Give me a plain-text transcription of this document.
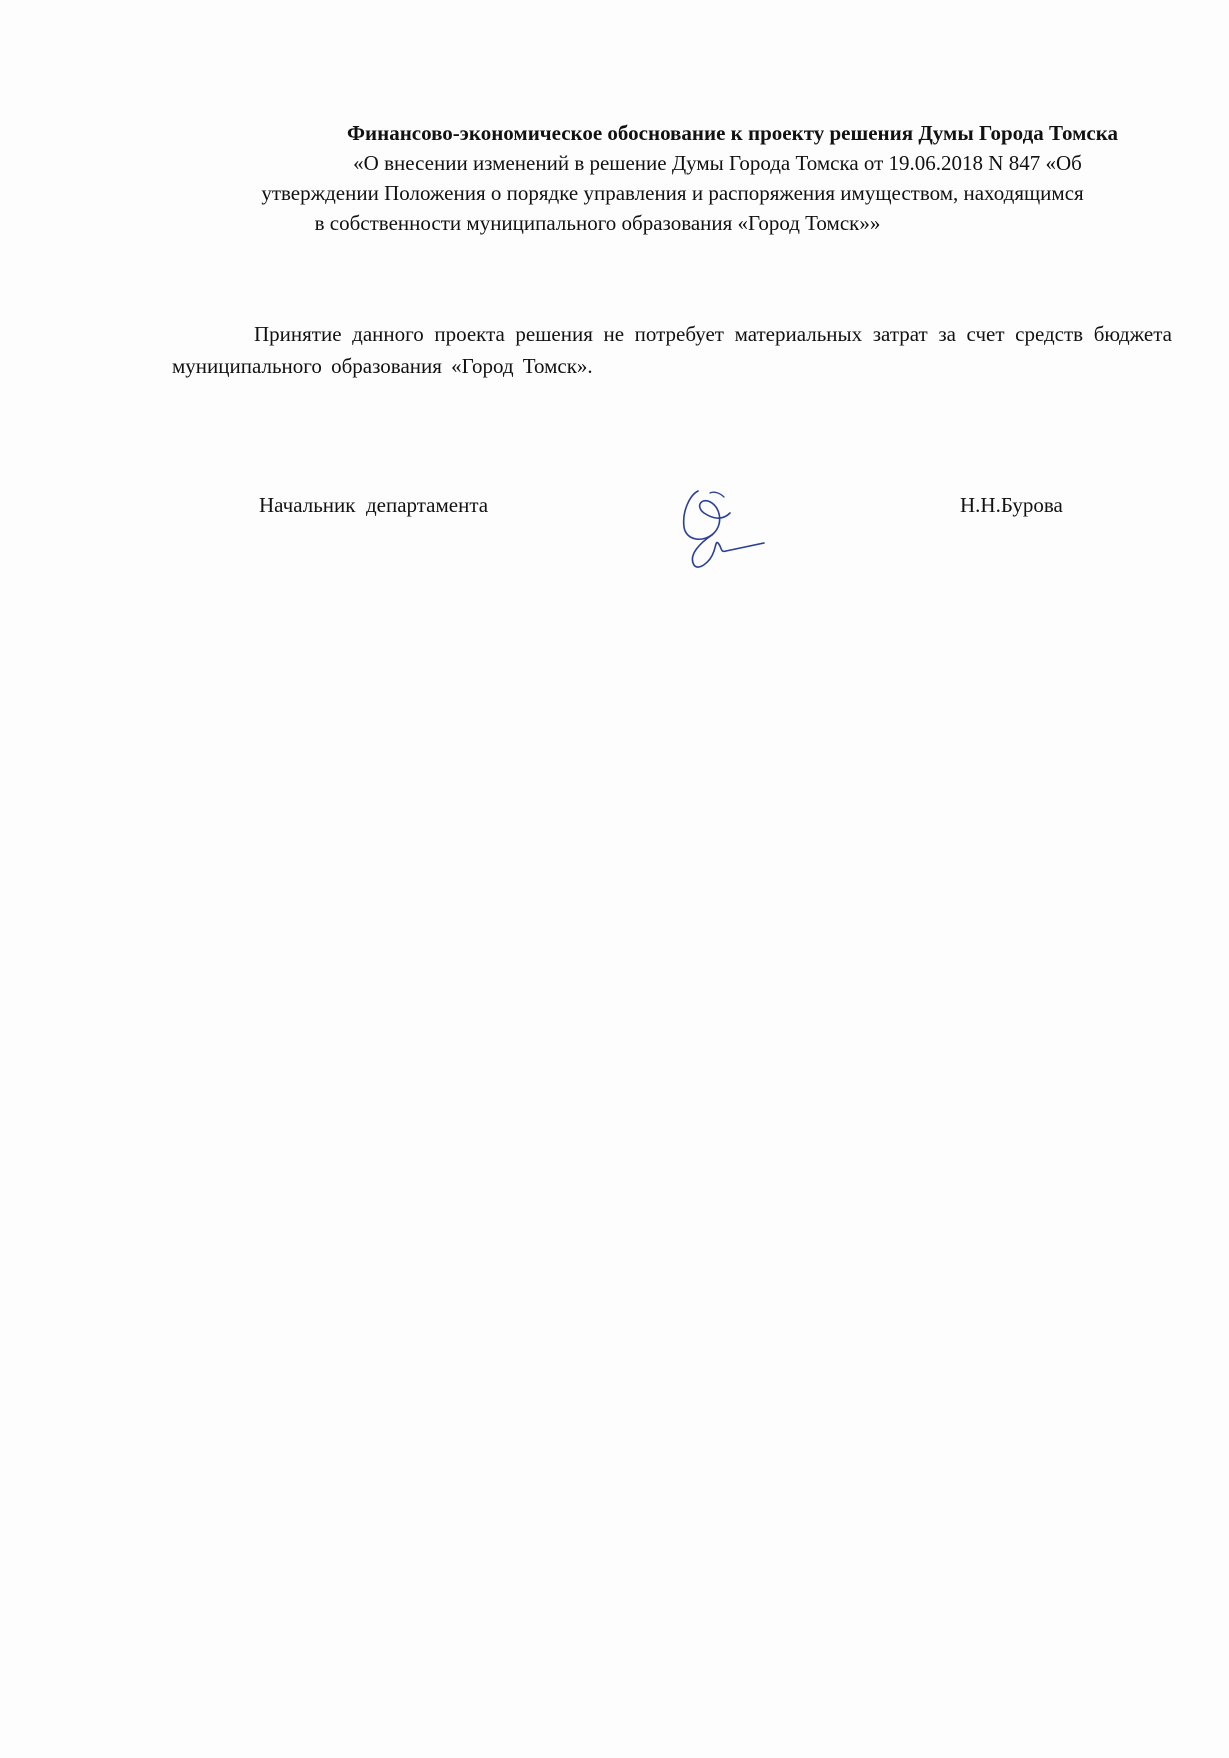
Финансово-экономическое обоснование к проекту решения Думы Города Томска
«О внесении изменений в решение Думы Города Томска от 19.06.2018 N 847 «Об
утверждении Положения о порядке управления и распоряжения имуществом, находящимся
в собственности муниципального образования «Город Томск»»

Принятие данного проекта решения не потребует материальных затрат за счет средств бюджета муниципального образования «Город Томск».

Начальник  департамента	Н.Н.Бурова
